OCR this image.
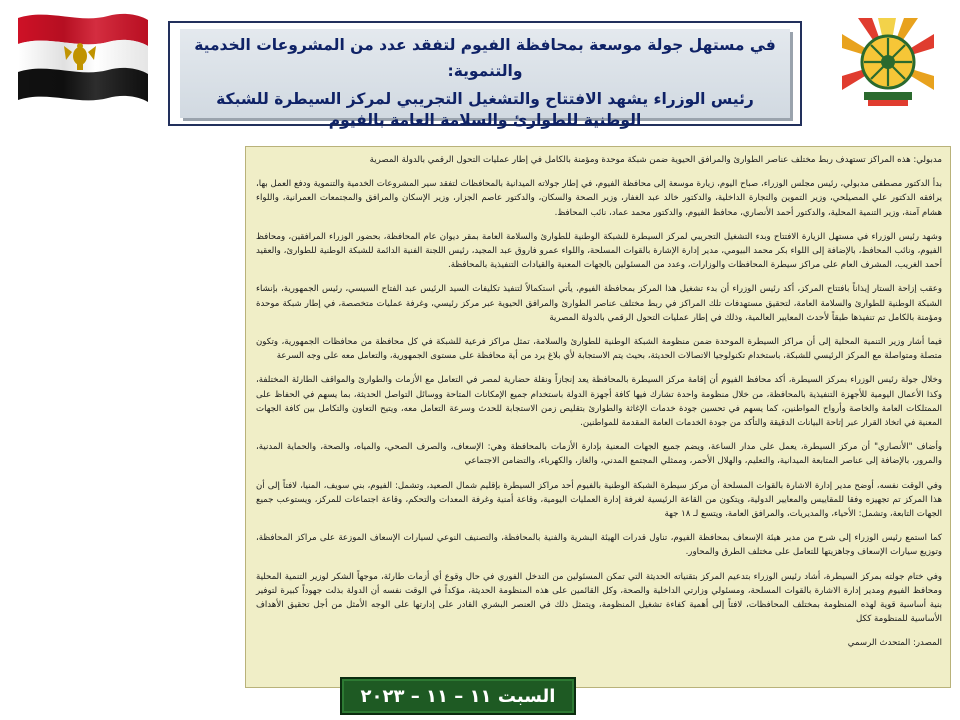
في مستهل جولة موسعة بمحافظة الفيوم لتفقد عدد من المشروعات الخدمية والتنموية:
رئيس الوزراء يشهد الافتتاح والتشغيل التجريبي لمركز السيطرة للشبكة الوطنية للطوارئ والسلامة العامة بالفيوم

مدبولي: هذه المراكز تستهدف ربط مختلف عناصر الطوارئ والمرافق الحيوية ضمن شبكة موحدة ومؤمنة بالكامل في إطار عمليات التحول الرقمي بالدولة المصرية

بدأ الدكتور مصطفى مدبولي، رئيس مجلس الوزراء، صباح اليوم، زيارة موسعة إلى محافظة الفيوم، في إطار جولاته الميدانية بالمحافظات لتفقد سير المشروعات الخدمية والتنموية ودفع العمل بها، يرافقه الدكتور علي المصيلحي، وزير التموين والتجارة الداخلية، والدكتور خالد عبد الغفار، وزير الصحة والسكان، والدكتور عاصم الجزار، وزير الإسكان والمرافق والمجتمعات العمرانية، واللواء هشام آمنة، وزير التنمية المحلية، والدكتور أحمد الأنصاري، محافظ الفيوم، والدكتور محمد عماد، نائب المحافظ.

وشهد رئيس الوزراء في مستهل الزيارة الافتتاح وبدء التشغيل التجريبي لمركز السيطرة للشبكة الوطنية للطوارئ والسلامة العامة بمقر ديوان عام المحافظة، بحضور الوزراء المرافقين، ومحافظ الفيوم، ونائب المحافظ، بالإضافة إلى اللواء بكر محمد البيومي، مدير إدارة الإشارة بالقوات المسلحة، واللواء عمرو فاروق عبد المجيد، رئيس اللجنة الفنية الدائمة للشبكة الوطنية للطوارئ، والعقيد أحمد الغريب، المشرف العام على مراكز سيطرة المحافظات والوزارات، وعدد من المسئولين بالجهات المعنية والقيادات التنفيذية بالمحافظة.

وعقب إزاحة الستار إيذاناً بافتتاح المركز، أكد رئيس الوزراء أن بدء تشغيل هذا المركز بمحافظة الفيوم، يأتي استكمالاً لتنفيذ تكليفات السيد الرئيس عبد الفتاح السيسي، رئيس الجمهورية، بإنشاء الشبكة الوطنية للطوارئ والسلامة العامة، لتحقيق مستهدفات تلك المراكز في ربط مختلف عناصر الطوارئ والمرافق الحيوية عبر مركز رئيسي، وغرفة عمليات متخصصة، في إطار شبكة موحدة ومؤمنة بالكامل تم تنفيذها طبقاً لأحدث المعايير العالمية، وذلك في إطار عمليات التحول الرقمي بالدولة المصرية

فيما أشار وزير التنمية المحلية إلى أن مراكز السيطرة الموحدة ضمن منظومة الشبكة الوطنية للطوارئ والسلامة، تمثل مراكز فرعية للشبكة في كل محافظة من محافظات الجمهورية، وتكون متصلة ومتواصلة مع المركز الرئيسي للشبكة، باستخدام تكنولوجيا الاتصالات الحديثة، بحيث يتم الاستجابة لأي بلاغ يرد من أية محافظة على مستوى الجمهورية، والتعامل معه على وجه السرعة

وخلال جولة رئيس الوزراء بمركز السيطرة، أكد محافظ الفيوم أن إقامة مركز السيطرة بالمحافظة يعد إنجازاً ونقلة حضارية لمصر في التعامل مع الأزمات والطوارئ والمواقف الطارئة المختلفة، وكذا الأعمال اليومية للأجهزة التنفيذية بالمحافظة، من خلال منظومة واحدة تشارك فيها كافة أجهزة الدولة باستخدام جميع الإمكانات المتاحة ووسائل التواصل الحديثة، بما يسهم في الحفاظ على الممتلكات العامة والخاصة وأرواح المواطنين، كما يسهم في تحسين جودة خدمات الإغاثة والطوارئ بتقليص زمن الاستجابة للحدث وسرعة التعامل معه، ويتيح التعاون والتكامل بين كافة الجهات المعنية في اتخاذ القرار عبر إتاحة البيانات الدقيقة والتأكد من جودة الخدمات العامة المقدمة للمواطنين.

وأضاف "الأنصاري" أن مركز السيطرة، يعمل على مدار الساعة، ويضم جميع الجهات المعنية بإدارة الأزمات بالمحافظة وهي: الإسعاف، والصرف الصحي، والمياه، والصحة، والحماية المدنية، والمرور، بالإضافة إلى عناصر المتابعة الميدانية، والتعليم، والهلال الأحمر، وممثلي المجتمع المدني، والغاز، والكهرباء، والتضامن الاجتماعي

وفي الوقت نفسه، أوضح مدير إدارة الاشارة بالقوات المسلحة أن مركز سيطرة الشبكة الوطنية بالفيوم أحد مراكز السيطرة بإقليم شمال الصعيد، وتشمل: الفيوم، بني سويف، المنيا، لافتاً إلى أن هذا المركز تم تجهيزه وفقا للمقاييس والمعايير الدولية، ويتكون من القاعة الرئيسية لغرفة إدارة العمليات اليومية، وقاعة أمنية وغرفة المعدات والتحكم، وقاعة اجتماعات للمركز، ويستوعب جميع الجهات التابعة، وتشمل: الأحياء، والمديريات، والمرافق العامة، ويتسع لـ ١٨ جهة

كما استمع رئيس الوزراء إلى شرح من مدير هيئة الإسعاف بمحافظة الفيوم، تناول قدرات الهيئة البشرية والفنية بالمحافظة، والتصنيف النوعي لسيارات الإسعاف الموزعة على مراكز المحافظة، وتوزيع سيارات الإسعاف وجاهزيتها للتعامل على مختلف الطرق والمحاور.

وفي ختام جولته بمركز السيطرة، أشاد رئيس الوزراء بتدعيم المركز بتقنياته الحديثة التي تمكن المسئولين من التدخل الفوري في حال وقوع أي أزمات طارئة، موجهاً الشكر لوزير التنمية المحلية ومحافظ الفيوم ومدير إدارة الاشارة بالقوات المسلحة، ومسئولي وزارتي الداخلية والصحة، وكل القائمين على هذه المنظومة الحديثة، مؤكداً في الوقت نفسه أن الدولة بذلت جهوداً كبيرة لتوفير بنية أساسية قوية لهذه المنظومة بمختلف المحافظات، لافتاً إلى أهمية كفاءة تشغيل المنظومة، ويتمثل ذلك في العنصر البشري القادر على إدارتها على الوجه الأمثل من أجل تحقيق الأهداف الأساسية للمنظومة ككل

المصدر: المتحدث الرسمي

السبت ١١ – ١١ – ٢٠٢٣
